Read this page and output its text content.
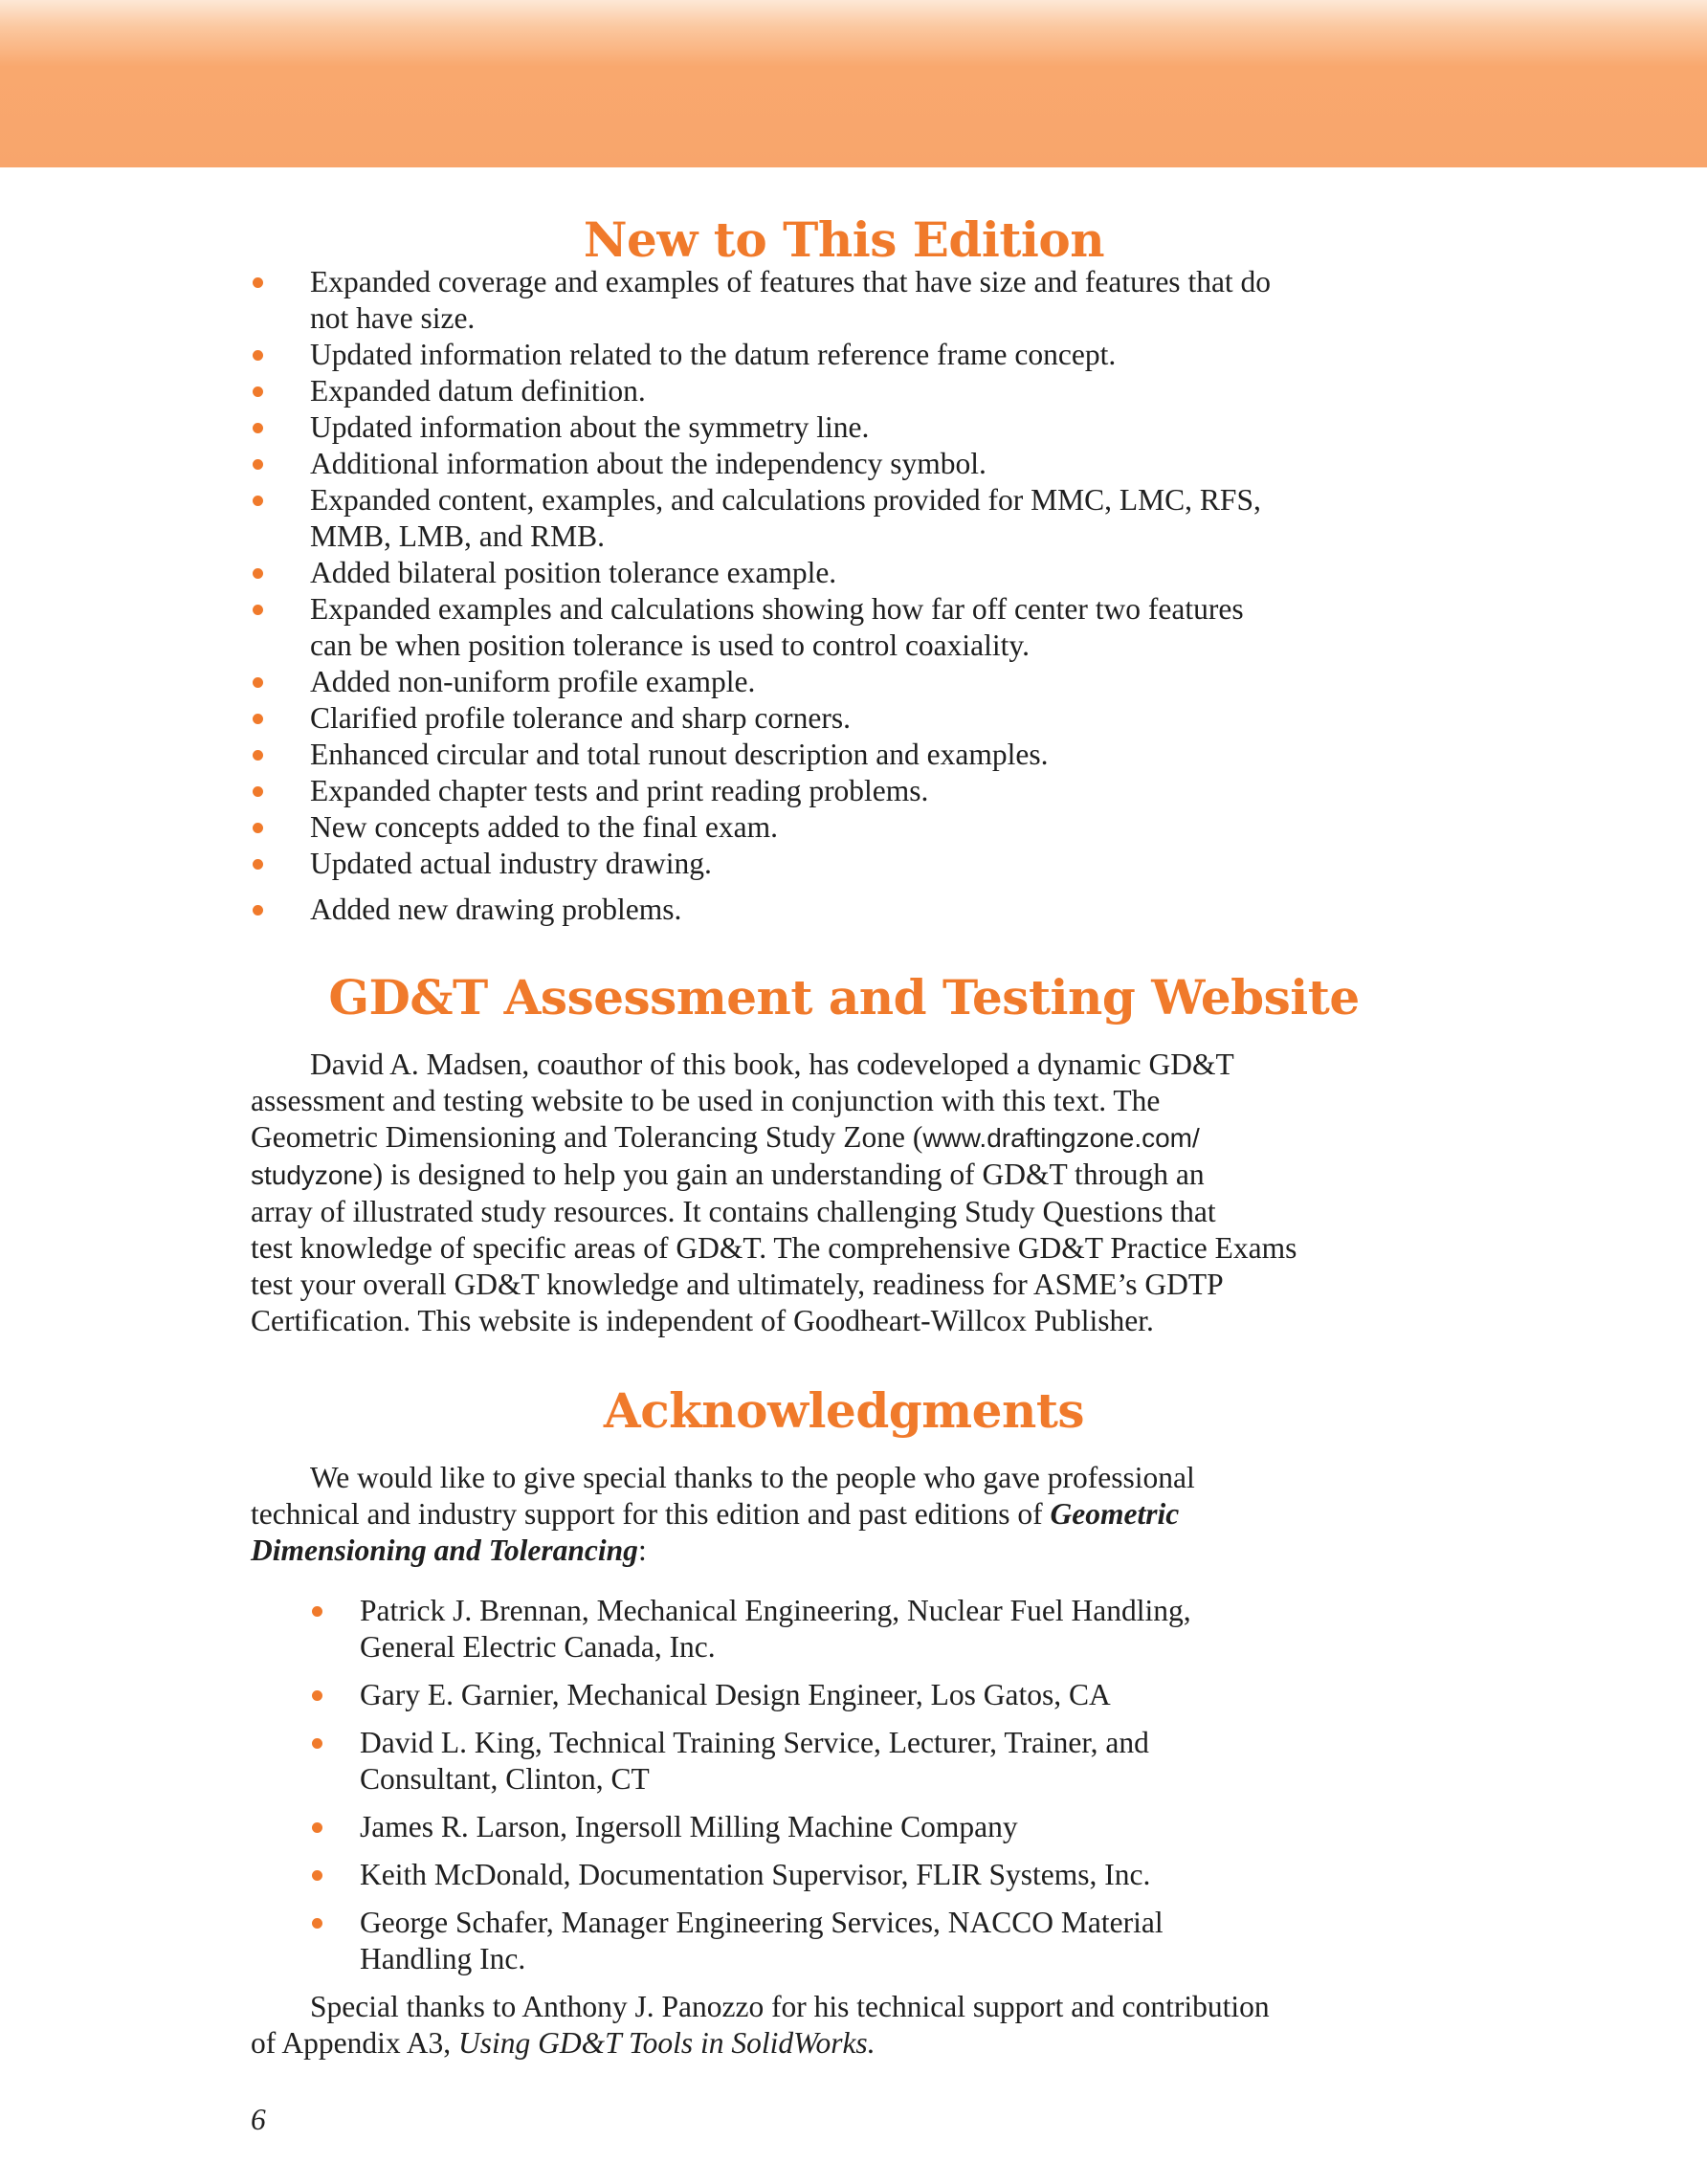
New to This Edition
Expanded coverage and examples of features that have size and features that do
not have size.
Updated information related to the datum reference frame concept.
Expanded datum definition.
Updated information about the symmetry line.
Additional information about the independency symbol.
Expanded content, examples, and calculations provided for MMC, LMC, RFS,
MMB, LMB, and RMB.
Added bilateral position tolerance example.
Expanded examples and calculations showing how far off center two features
can be when position tolerance is used to control coaxiality.
Added non-uniform profile example.
Clarified profile tolerance and sharp corners.
Enhanced circular and total runout description and examples.
Expanded chapter tests and print reading problems.
New concepts added to the final exam.
Updated actual industry drawing.
Added new drawing problems.
GD&T Assessment and Testing Website

David A. Madsen, coauthor of this book, has codeveloped a dynamic GD&T

assessment and testing website to be used in conjunction with this text. The

Geometric Dimensioning and Tolerancing Study Zone (www.draftingzone.com/

studyzone) is designed to help you gain an understanding of GD&T through an

array of illustrated study resources. It contains challenging Study Questions that

test knowledge of specific areas of GD&T. The comprehensive GD&T Practice Exams

test your overall GD&T knowledge and ultimately, readiness for ASME’s GDTP

Certification. This website is independent of Goodheart-Willcox Publisher.

Acknowledgments

We would like to give special thanks to the people who gave professional

technical and industry support for this edition and past editions of Geometric

Dimensioning and Tolerancing:

Patrick J. Brennan, Mechanical Engineering, Nuclear Fuel Handling,
General Electric Canada, Inc.
Gary E. Garnier, Mechanical Design Engineer, Los Gatos, CA
David L. King, Technical Training Service, Lecturer, Trainer, and
Consultant, Clinton, CT
James R. Larson, Ingersoll Milling Machine Company
Keith McDonald, Documentation Supervisor, FLIR Systems, Inc.
George Schafer, Manager Engineering Services, NACCO Material
Handling Inc.

Special thanks to Anthony J. Panozzo for his technical support and contribution

of Appendix A3, Using GD&T Tools in SolidWorks.

6
